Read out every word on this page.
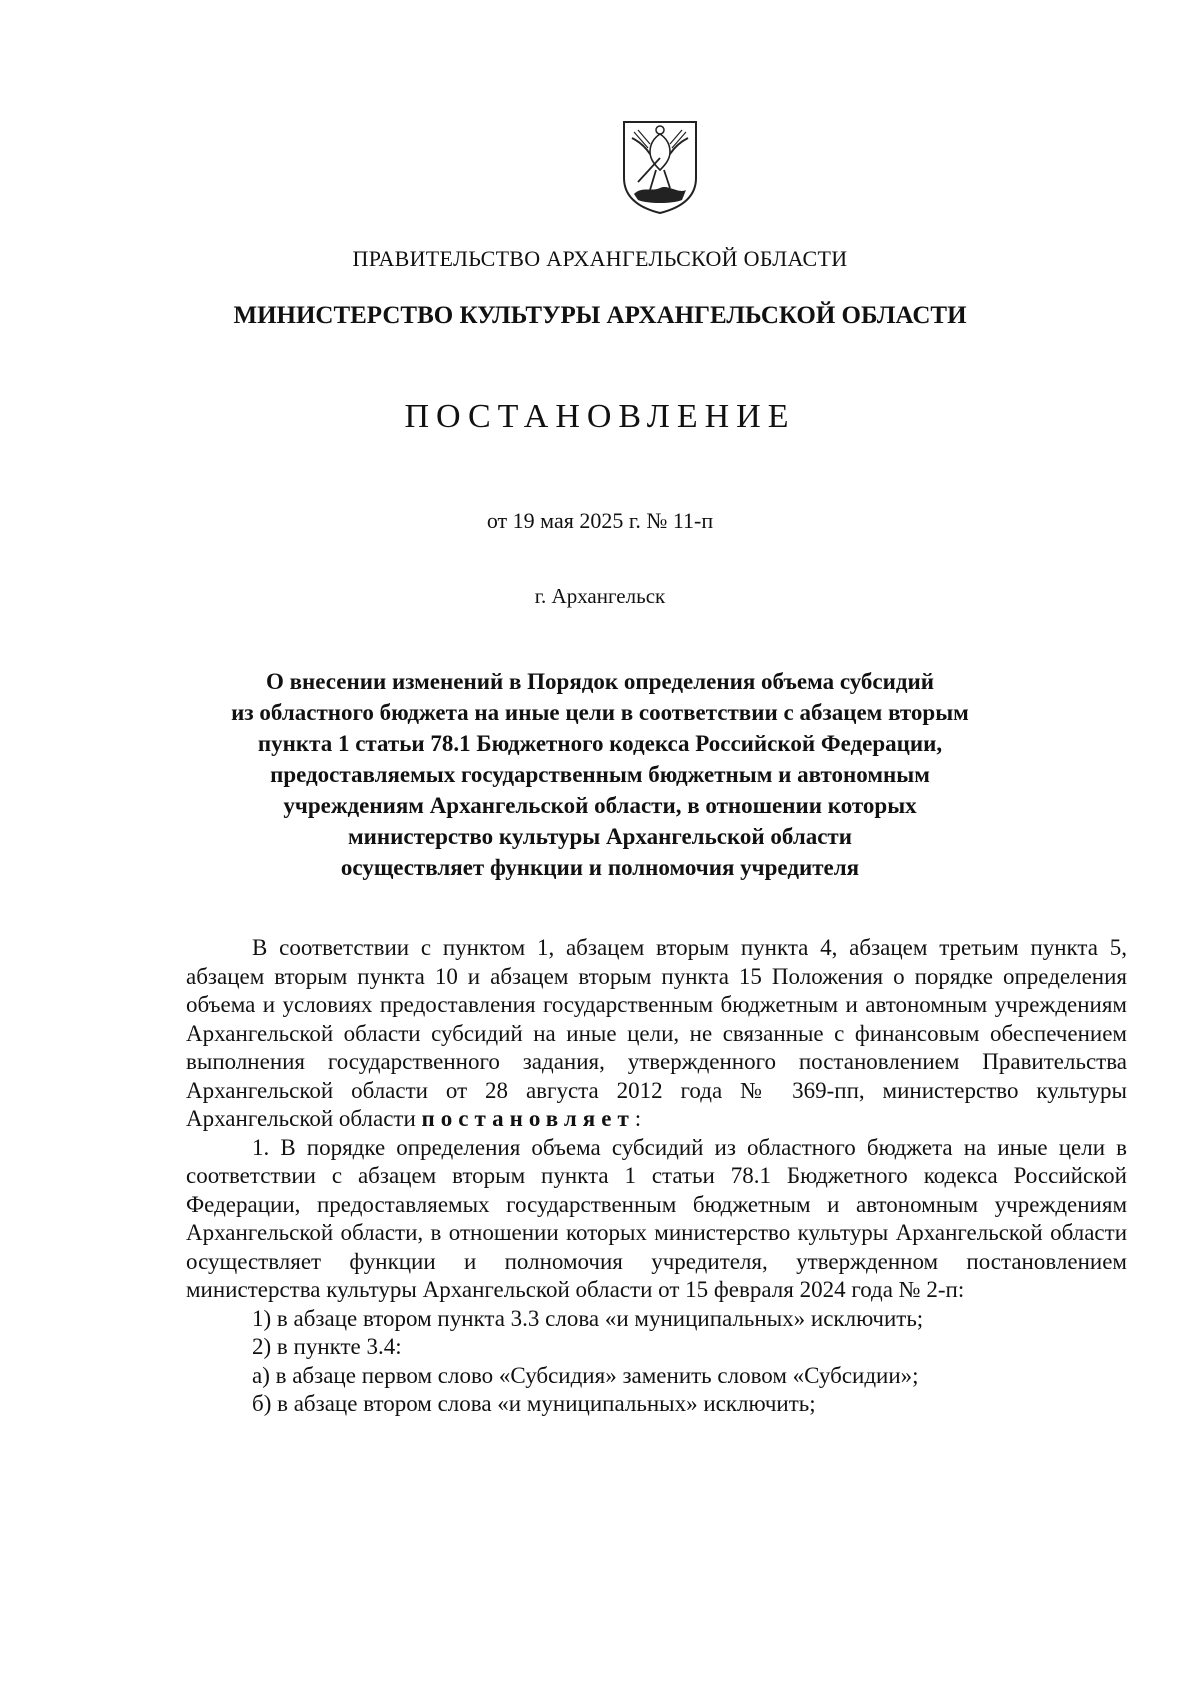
ПРАВИТЕЛЬСТВО АРХАНГЕЛЬСКОЙ ОБЛАСТИ
МИНИСТЕРСТВО КУЛЬТУРЫ АРХАНГЕЛЬСКОЙ ОБЛАСТИ
ПОСТАНОВЛЕНИЕ
от 19 мая 2025 г. № 11-п
г. Архангельск
О внесении изменений в Порядок определения объема субсидий
из областного бюджета на иные цели в соответствии с абзацем вторым
пункта 1 статьи 78.1 Бюджетного кодекса Российской Федерации,
предоставляемых государственным бюджетным и автономным
учреждениям Архангельской области, в отношении которых
министерство культуры Архангельской области
осуществляет функции и полномочия учредителя

В соответствии с пунктом 1, абзацем вторым пункта 4, абзацем третьим пункта 5, абзацем вторым пункта 10 и абзацем вторым пункта 15 Положения о порядке определения объема и условиях предоставления государственным бюджетным и автономным учреждениям Архангельской области субсидий на иные цели, не связанные с финансовым обеспечением выполнения государственного задания, утвержденного постановлением Правительства Архангельской области от 28 августа 2012 года № 369-пп, министерство культуры Архангельской области постановляет:

1. В порядке определения объема субсидий из областного бюджета на иные цели в соответствии с абзацем вторым пункта 1 статьи 78.1 Бюджетного кодекса Российской Федерации, предоставляемых государственным бюджетным и автономным учреждениям Архангельской области, в отношении которых министерство культуры Архангельской области осуществляет функции и полномочия учредителя, утвержденном постановлением министерства культуры Архангельской области от 15 февраля 2024 года № 2-п:

1) в абзаце втором пункта 3.3 слова «и муниципальных» исключить;

2) в пункте 3.4:

а) в абзаце первом слово «Субсидия» заменить словом «Субсидии»;

б) в абзаце втором слова «и муниципальных» исключить;
